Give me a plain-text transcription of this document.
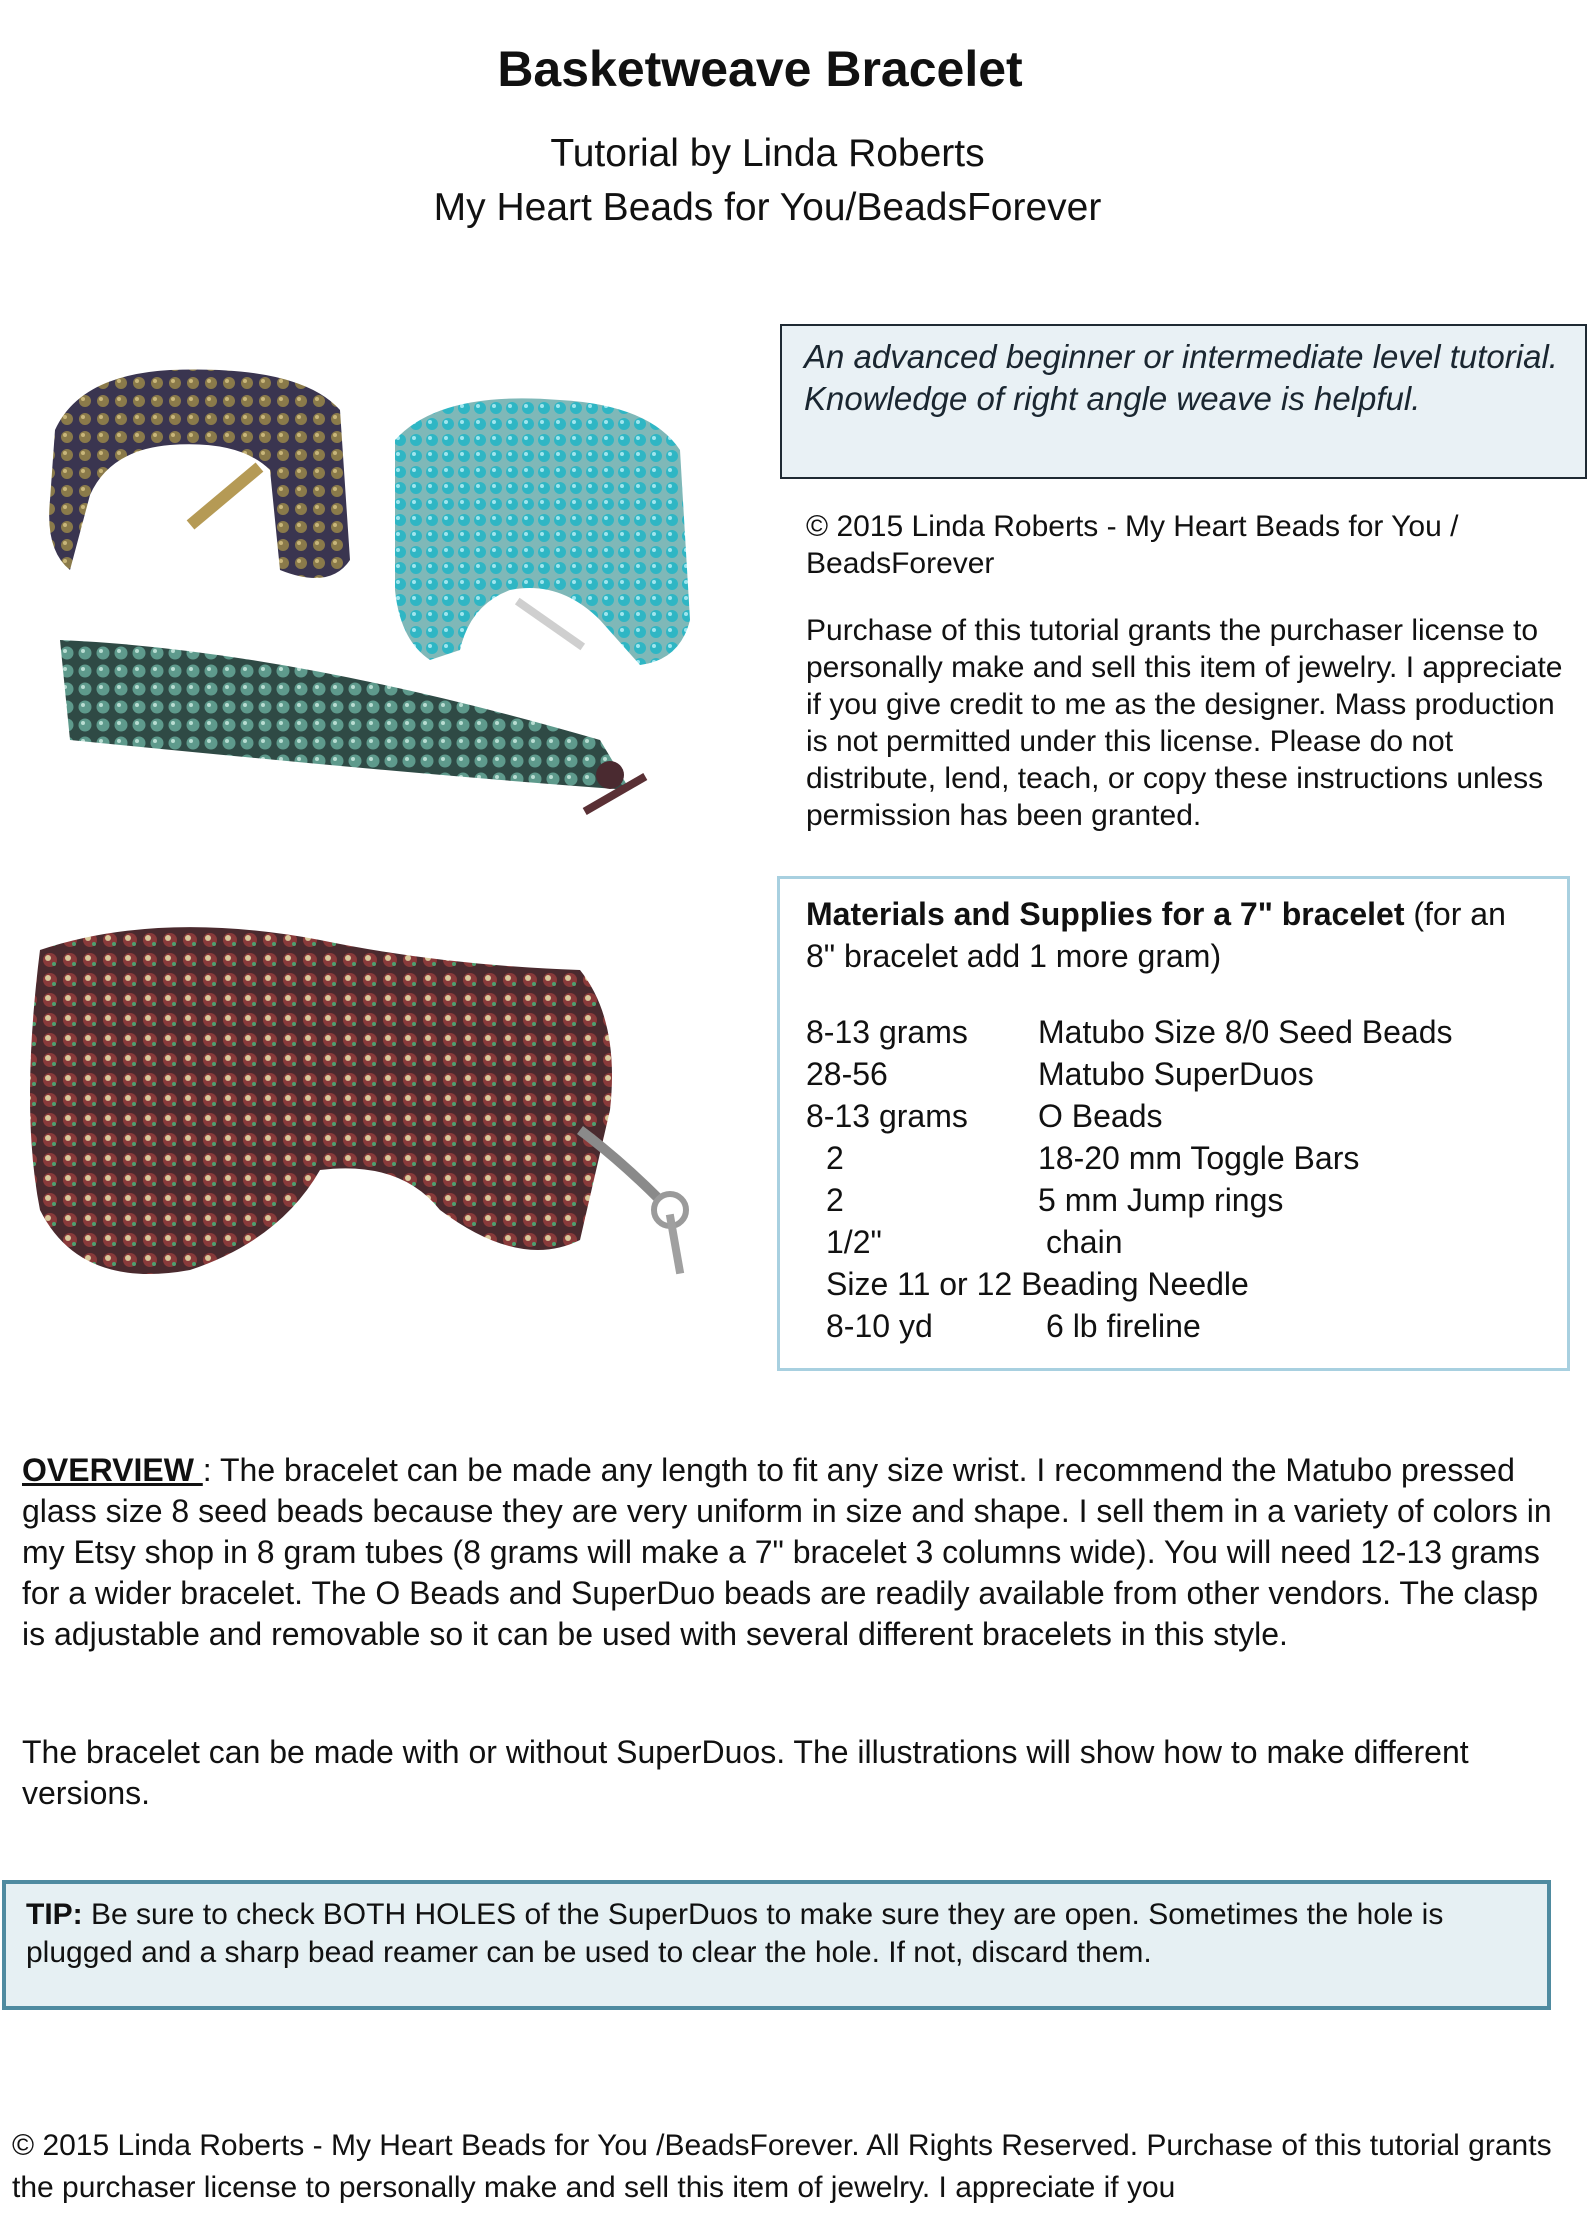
Basketweave Bracelet
Tutorial by Linda Roberts
My Heart Beads for You/BeadsForever
An advanced beginner or intermediate level tutorial. Knowledge of right angle weave is helpful.
© 2015 Linda Roberts - My Heart Beads for You / BeadsForever
Purchase of this tutorial grants the purchaser license to personally make and sell this item of jewelry. I appreciate if you give credit to me as the designer. Mass production is not permitted under this license. Please do not distribute, lend, teach, or copy these instructions unless permission has been granted.
Materials and Supplies for a 7" bracelet (for an 8" bracelet add 1 more gram)
8-13 grams Matubo Size 8/0 Seed Beads
28-56	Matubo SuperDuos
8-13 grams O Beads
2	18-20 mm Toggle Bars
2	5 mm Jump rings
1/2"	chain
Size 11 or 12 Beading Needle
8-10 yd	6 lb fireline
OVERVIEW : The bracelet can be made any length to fit any size wrist. I recommend the Matubo pressed glass size 8 seed beads because they are very uniform in size and shape. I sell them in a variety of colors in my Etsy shop in 8 gram tubes (8 grams will make a 7" bracelet 3 columns wide). You will need 12-13 grams for a wider bracelet. The O Beads and SuperDuo beads are readily available from other vendors. The clasp is adjustable and removable so it can be used with several different bracelets in this style.
The bracelet can be made with or without SuperDuos. The illustrations will show how to make different versions.
TIP: Be sure to check BOTH HOLES of the SuperDuos to make sure they are open. Sometimes the hole is plugged and a sharp bead reamer can be used to clear the hole. If not, discard them.
© 2015 Linda Roberts - My Heart Beads for You /BeadsForever. All Rights Reserved. Purchase of this tutorial grants the purchaser license to personally make and sell this item of jewelry. I appreciate if you
